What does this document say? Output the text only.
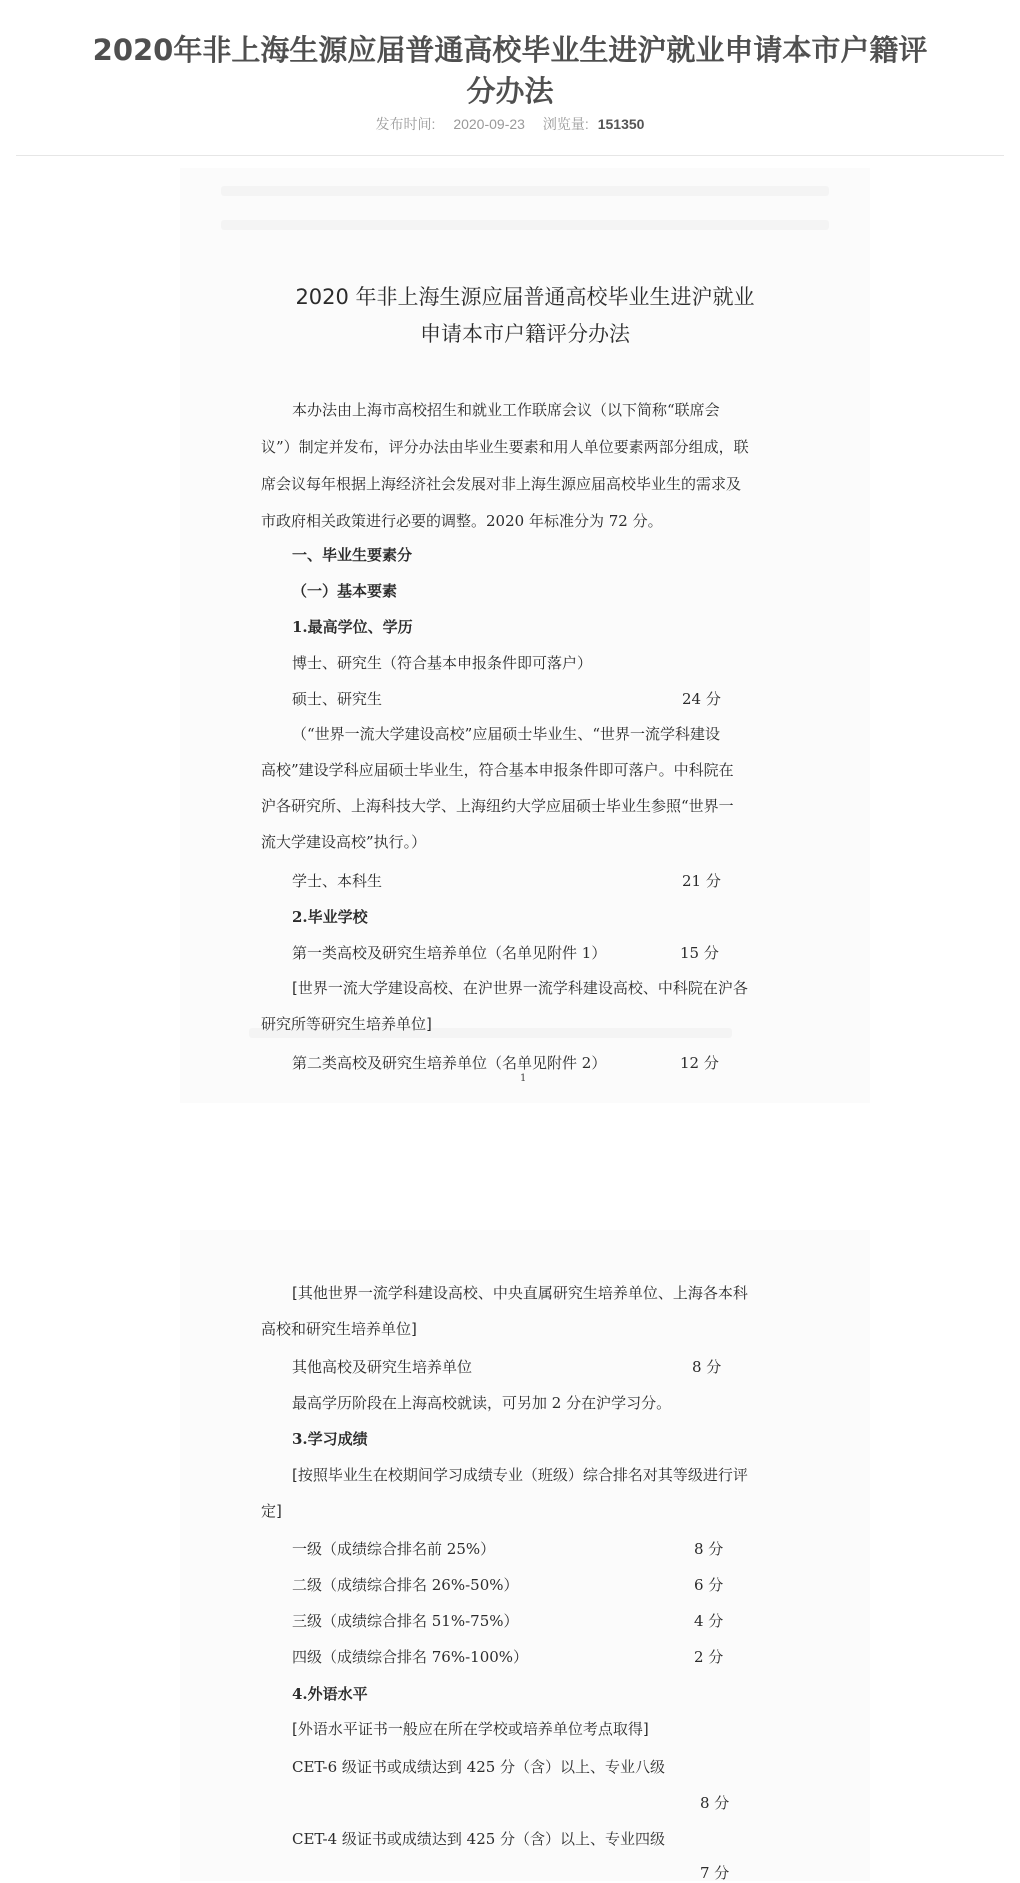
2020年非上海生源应届普通高校毕业生进沪就业申请本市户籍评分办法
发布时间: 2020-09-23 浏览量: 151350
2020 年非上海生源应届普通高校毕业生进沪就业
申请本市户籍评分办法
本办法由上海市高校招生和就业工作联席会议（以下简称“联席会
议”）制定并发布，评分办法由毕业生要素和用人单位要素两部分组成，联
席会议每年根据上海经济社会发展对非上海生源应届高校毕业生的需求及
市政府相关政策进行必要的调整。2020 年标准分为 72 分。
一、毕业生要素分
（一）基本要素
1.最高学位、学历
博士、研究生（符合基本申报条件即可落户）
硕士、研究生	24 分
（“世界一流大学建设高校”应届硕士毕业生、“世界一流学科建设
高校”建设学科应届硕士毕业生，符合基本申报条件即可落户。中科院在
沪各研究所、上海科技大学、上海纽约大学应届硕士毕业生参照“世界一
流大学建设高校”执行。）
学士、本科生	21 分
2.毕业学校
第一类高校及研究生培养单位（名单见附件 1）	15 分
[世界一流大学建设高校、在沪世界一流学科建设高校、中科院在沪各
研究所等研究生培养单位]
第二类高校及研究生培养单位（名单见附件 2）	12 分
1
[其他世界一流学科建设高校、中央直属研究生培养单位、上海各本科
高校和研究生培养单位]
其他高校及研究生培养单位	8 分
最高学历阶段在上海高校就读，可另加 2 分在沪学习分。
3.学习成绩
[按照毕业生在校期间学习成绩专业（班级）综合排名对其等级进行评
定]
一级（成绩综合排名前 25%）	8 分
二级（成绩综合排名 26%-50%）	6 分
三级（成绩综合排名 51%-75%）	4 分
四级（成绩综合排名 76%-100%）	2 分
4.外语水平
[外语水平证书一般应在所在学校或培养单位考点取得]
CET-6 级证书或成绩达到 425 分（含）以上、专业八级
8 分
CET-4 级证书或成绩达到 425 分（含）以上、专业四级
7 分
